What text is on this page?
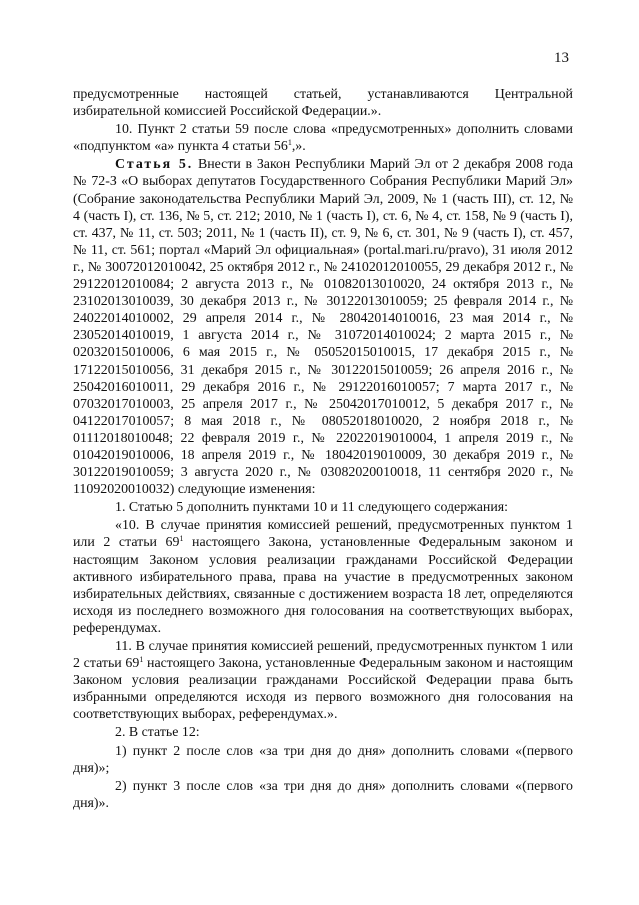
13

предусмотренные настоящей статьей, устанавливаются Центральной избирательной комиссией Российской Федерации.».

10. Пункт 2 статьи 59 после слова «предусмотренных» дополнить словами «подпунктом «а» пункта 4 статьи $56^1$,».

Статья 5. Внести в Закон Республики Марий Эл от 2 декабря 2008 года № 72-З «О выборах депутатов Государственного Собрания Республики Марий Эл» (Собрание законодательства Республики Марий Эл, 2009, № 1 (часть III), ст. 12, № 4 (часть I), ст. 136, № 5, ст. 212; 2010, № 1 (часть I), ст. 6, № 4, ст. 158, № 9 (часть I), ст. 437, № 11, ст. 503; 2011, № 1 (часть II), ст. 9, № 6, ст. 301, № 9 (часть I), ст. 457, № 11, ст. 561; портал «Марий Эл официальная» (portal.mari.ru/pravo), 31 июля 2012 г., № 30072012010042, 25 октября 2012 г., № 24102012010055, 29 декабря 2012 г., № 29122012010084; 2 августа 2013 г., № 01082013010020, 24 октября 2013 г., № 23102013010039, 30 декабря 2013 г., № 30122013010059; 25 февраля 2014 г., № 24022014010002, 29 апреля 2014 г., № 28042014010016, 23 мая 2014 г., № 23052014010019, 1 августа 2014 г., № 31072014010024; 2 марта 2015 г., № 02032015010006, 6 мая 2015 г., № 05052015010015, 17 декабря 2015 г., № 17122015010056, 31 декабря 2015 г., № 30122015010059; 26 апреля 2016 г., № 25042016010011, 29 декабря 2016 г., № 29122016010057; 7 марта 2017 г., № 07032017010003, 25 апреля 2017 г., № 25042017010012, 5 декабря 2017 г., № 04122017010057; 8 мая 2018 г., № 08052018010020, 2 ноября 2018 г., № 01112018010048; 22 февраля 2019 г., № 22022019010004, 1 апреля 2019 г., № 01042019010006, 18 апреля 2019 г., № 18042019010009, 30 декабря 2019 г., № 30122019010059; 3 августа 2020 г., № 03082020010018, 11 сентября 2020 г., № 11092020010032) следующие изменения:

1. Статью 5 дополнить пунктами 10 и 11 следующего содержания:

«10. В случае принятия комиссией решений, предусмотренных пунктом 1 или 2 статьи $69^1$ настоящего Закона, установленные Федеральным законом и настоящим Законом условия реализации гражданами Российской Федерации активного избирательного права, права на участие в предусмотренных законом избирательных действиях, связанные с достижением возраста 18 лет, определяются исходя из последнего возможного дня голосования на соответствующих выборах, референдумах.

11. В случае принятия комиссией решений, предусмотренных пунктом 1 или 2 статьи $69^1$ настоящего Закона, установленные Федеральным законом и настоящим Законом условия реализации гражданами Российской Федерации права быть избранными определяются исходя из первого возможного дня голосования на соответствующих выборах, референдумах.».

2. В статье 12:

1) пункт 2 после слов «за три дня до дня» дополнить словами «(первого дня)»;

2) пункт 3 после слов «за три дня до дня» дополнить словами «(первого дня)».
